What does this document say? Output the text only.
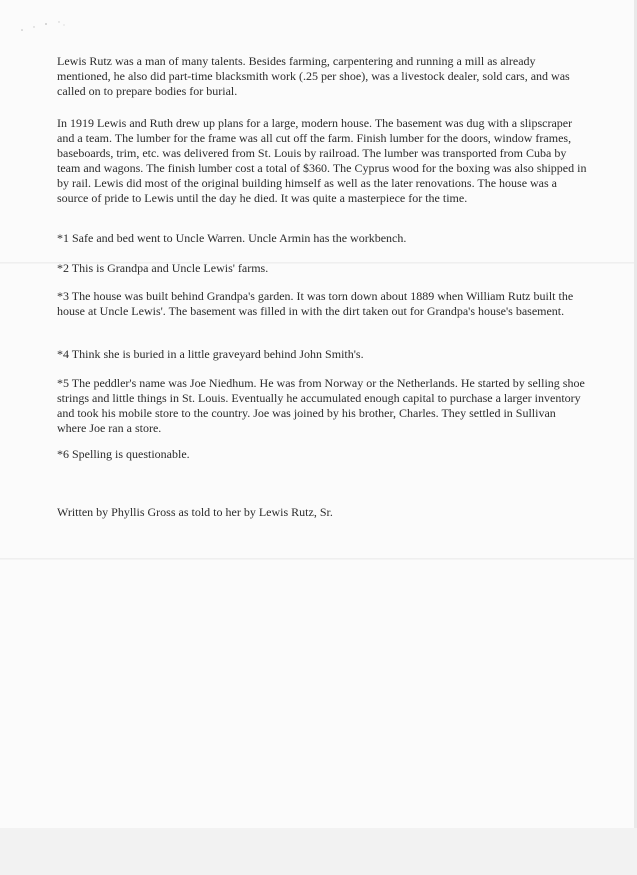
Lewis Rutz was a man of many talents. Besides farming, carpentering and running a mill as already mentioned, he also did part-time blacksmith work (.25 per shoe), was a livestock dealer, sold cars, and was called on to prepare bodies for burial.

In 1919 Lewis and Ruth drew up plans for a large, modern house. The basement was dug with a slipscraper and a team. The lumber for the frame was all cut off the farm. Finish lumber for the doors, window frames, baseboards, trim, etc. was delivered from St. Louis by railroad. The lumber was transported from Cuba by team and wagons. The finish lumber cost a total of $360. The Cyprus wood for the boxing was also shipped in by rail. Lewis did most of the original building himself as well as the later renovations. The house was a source of pride to Lewis until the day he died. It was quite a masterpiece for the time.

*1 Safe and bed went to Uncle Warren. Uncle Armin has the workbench.

*2 This is Grandpa and Uncle Lewis' farms.

*3 The house was built behind Grandpa's garden. It was torn down about 1889 when William Rutz built the house at Uncle Lewis'. The basement was filled in with the dirt taken out for Grandpa's house's basement.

*4 Think she is buried in a little graveyard behind John Smith's.

*5 The peddler's name was Joe Niedhum. He was from Norway or the Netherlands. He started by selling shoe strings and little things in St. Louis. Eventually he accumulated enough capital to purchase a larger inventory and took his mobile store to the country. Joe was joined by his brother, Charles. They settled in Sullivan where Joe ran a store.

*6 Spelling is questionable.

Written by Phyllis Gross as told to her by Lewis Rutz, Sr.
